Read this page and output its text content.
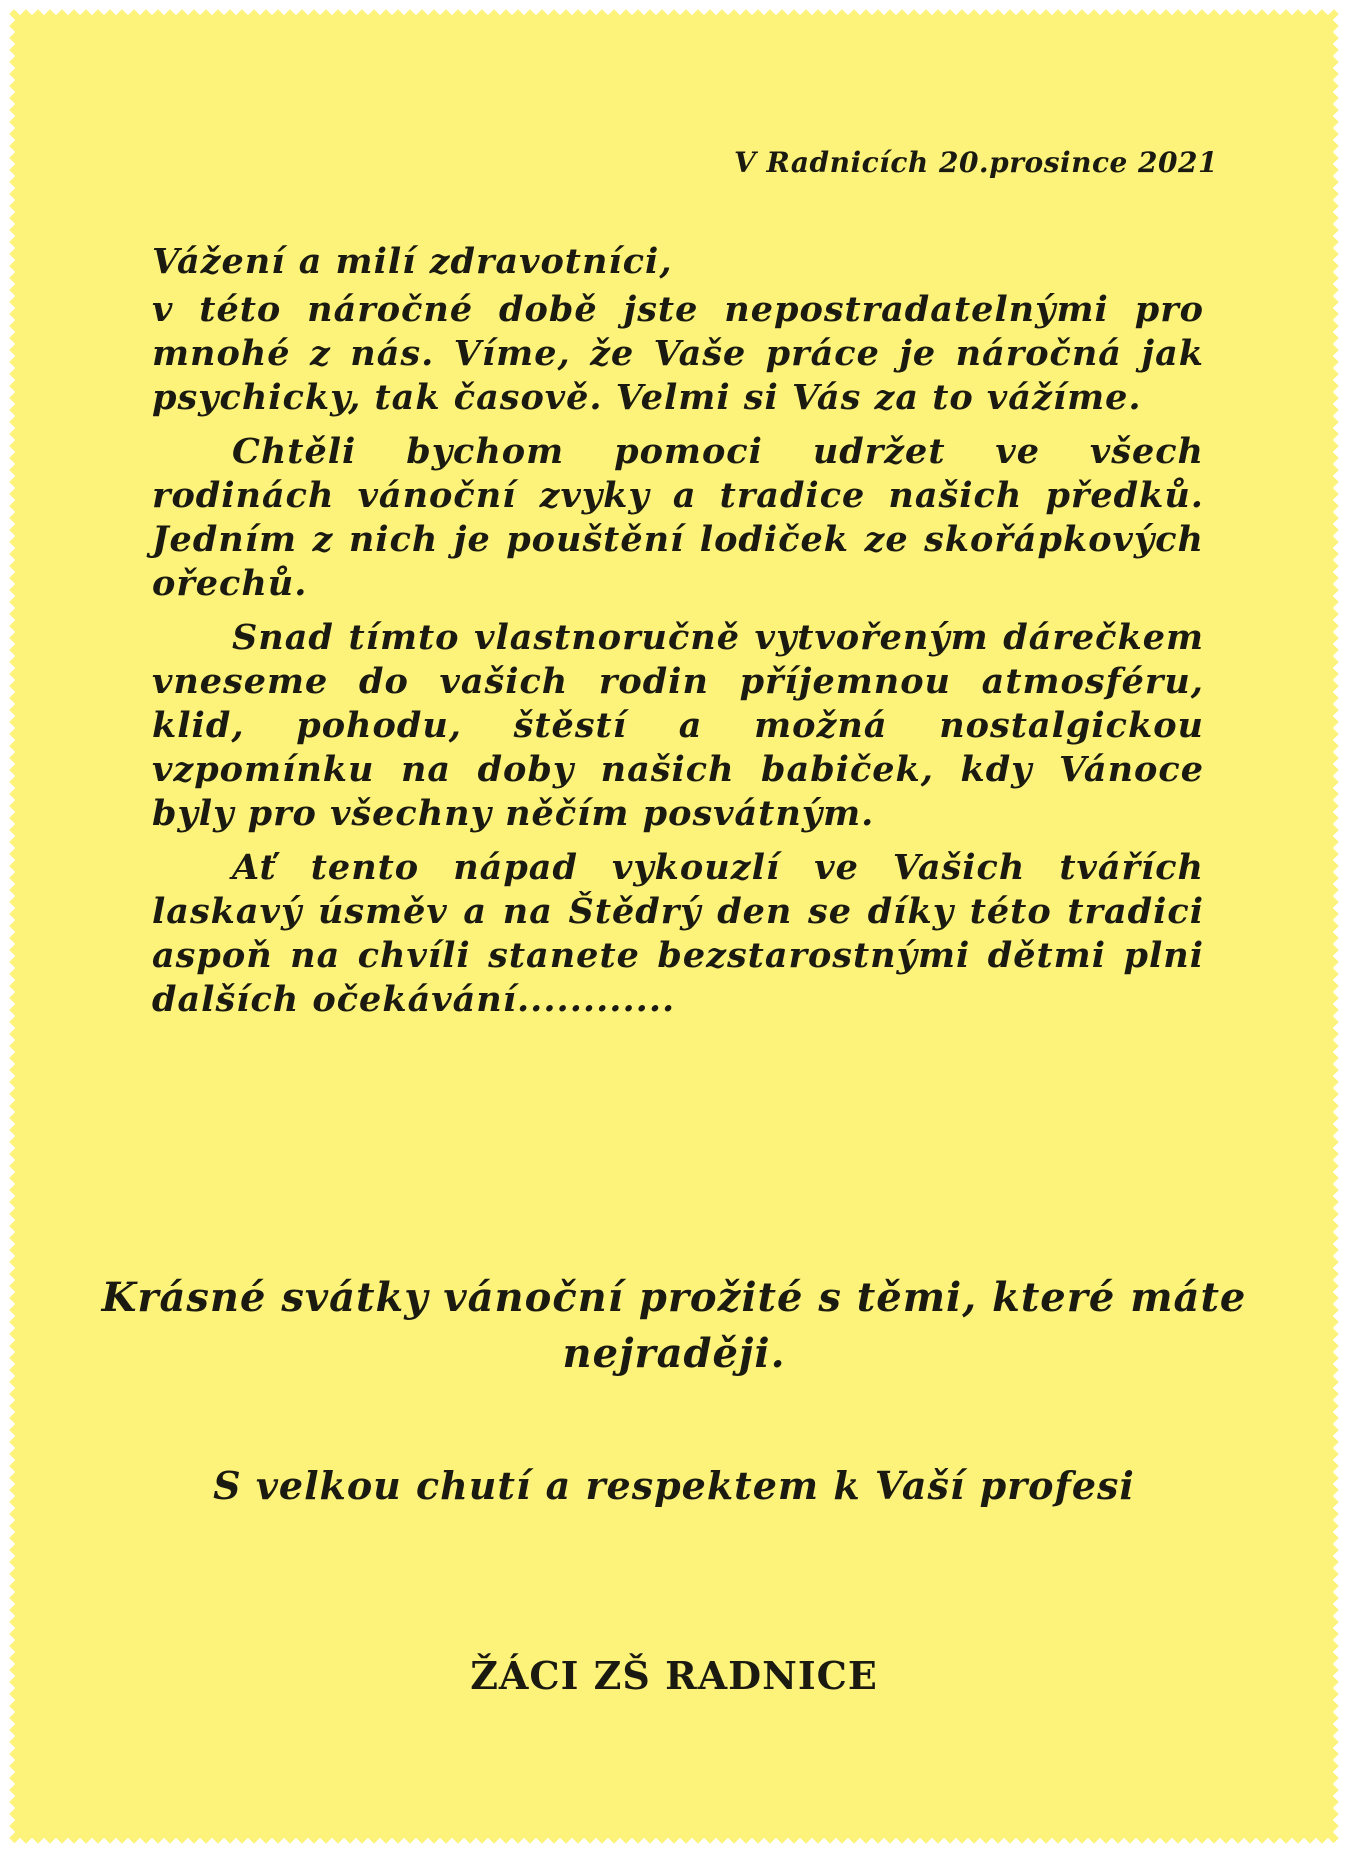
V Radnicích 20.prosince 2021
Vážení a milí zdravotníci,

v této náročné době jste nepostradatelnými pro mnohé z nás. Víme, že Vaše práce je náročná jak psychicky, tak časově. Velmi si Vás za to vážíme.

Chtěli bychom pomoci udržet ve všech rodinách vánoční zvyky a tradice našich předků. Jedním z nich je pouštění lodiček ze skořápkových ořechů.

Snad tímto vlastnoručně vytvořeným dárečkem vneseme do vašich rodin příjemnou atmosféru, klid, pohodu, štěstí a možná nostalgickou vzpomínku na doby našich babiček, kdy Vánoce byly pro všechny něčím posvátným.

Ať tento nápad vykouzlí ve Vašich tvářích laskavý úsměv a na Štědrý den se díky této tradici aspoň na chvíli stanete bezstarostnými dětmi plni dalších očekávání............

Krásné svátky vánoční prožité s těmi, které máte nejraději.
S velkou chutí a respektem k Vaší profesi
ŽÁCI ZŠ RADNICE
